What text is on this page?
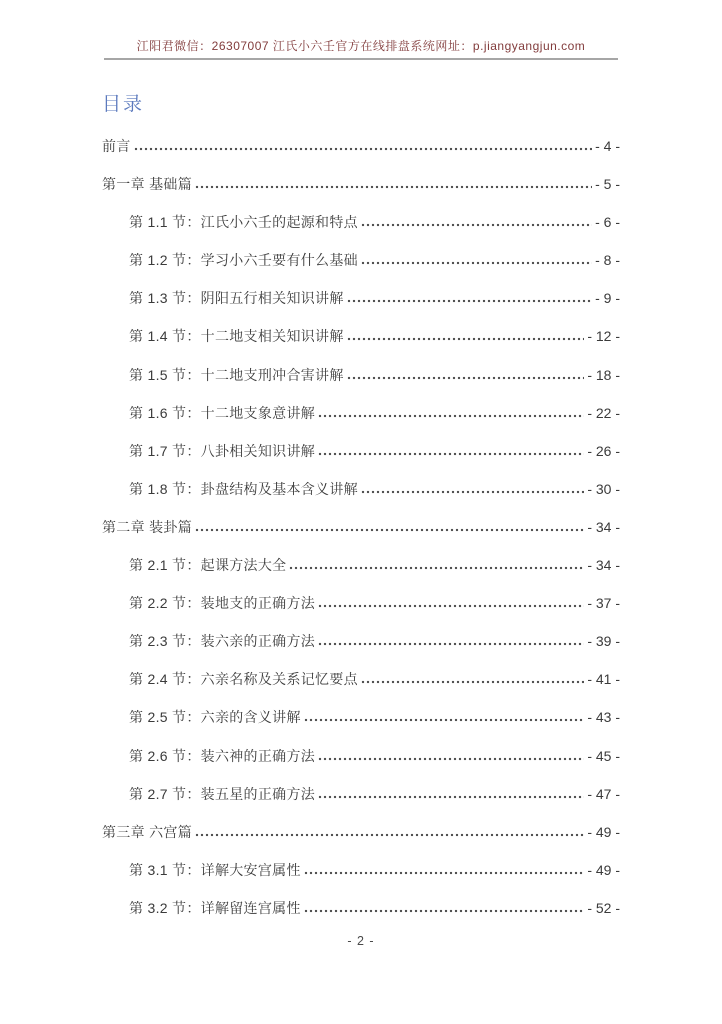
江阳君微信：26307007 江氏小六壬官方在线排盘系统网址：p.jiangyangjun.com
目录
前言	- 4 -
第一章 基础篇	- 5 -
第 1.1 节：江氏小六壬的起源和特点	- 6 -
第 1.2 节：学习小六壬要有什么基础	- 8 -
第 1.3 节：阴阳五行相关知识讲解	- 9 -
第 1.4 节：十二地支相关知识讲解	- 12 -
第 1.5 节：十二地支刑冲合害讲解	- 18 -
第 1.6 节：十二地支象意讲解	- 22 -
第 1.7 节：八卦相关知识讲解	- 26 -
第 1.8 节：卦盘结构及基本含义讲解	- 30 -
第二章 装卦篇	- 34 -
第 2.1 节：起课方法大全	- 34 -
第 2.2 节：装地支的正确方法	- 37 -
第 2.3 节：装六亲的正确方法	- 39 -
第 2.4 节：六亲名称及关系记忆要点	- 41 -
第 2.5 节：六亲的含义讲解	- 43 -
第 2.6 节：装六神的正确方法	- 45 -
第 2.7 节：装五星的正确方法	- 47 -
第三章 六宫篇	- 49 -
第 3.1 节：详解大安宫属性	- 49 -
第 3.2 节：详解留连宫属性	- 52 -
- 2 -
